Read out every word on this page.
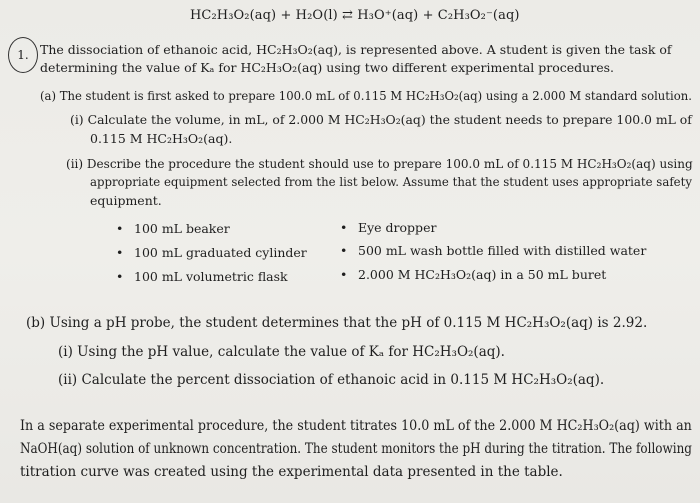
HC₂H₃O₂(aq) + H₂O(l) ⇄ H₃O⁺(aq) + C₂H₃O₂⁻(aq)
1. The dissociation of ethanoic acid, HC₂H₃O₂(aq), is represented above. A student is given the task of
determining the value of Kₐ for HC₂H₃O₂(aq) using two different experimental procedures.
(a) The student is first asked to prepare 100.0 mL of 0.115 M HC₂H₃O₂(aq) using a 2.000 M standard solution.
(i) Calculate the volume, in mL, of 2.000 M HC₂H₃O₂(aq) the student needs to prepare 100.0 mL of
0.115 M HC₂H₃O₂(aq).
(ii) Describe the procedure the student should use to prepare 100.0 mL of 0.115 M HC₂H₃O₂(aq) using
appropriate equipment selected from the list below. Assume that the student uses appropriate safety
equipment.
• 100 mL beaker
• 100 mL graduated cylinder
• 100 mL volumetric flask
• Eye dropper
• 500 mL wash bottle filled with distilled water
• 2.000 M HC₂H₃O₂(aq) in a 50 mL buret
(b) Using a pH probe, the student determines that the pH of 0.115 M HC₂H₃O₂(aq) is 2.92.
(i) Using the pH value, calculate the value of Kₐ for HC₂H₃O₂(aq).
(ii) Calculate the percent dissociation of ethanoic acid in 0.115 M HC₂H₃O₂(aq).
In a separate experimental procedure, the student titrates 10.0 mL of the 2.000 M HC₂H₃O₂(aq) with an
NaOH(aq) solution of unknown concentration. The student monitors the pH during the titration. The following
titration curve was created using the experimental data presented in the table.
